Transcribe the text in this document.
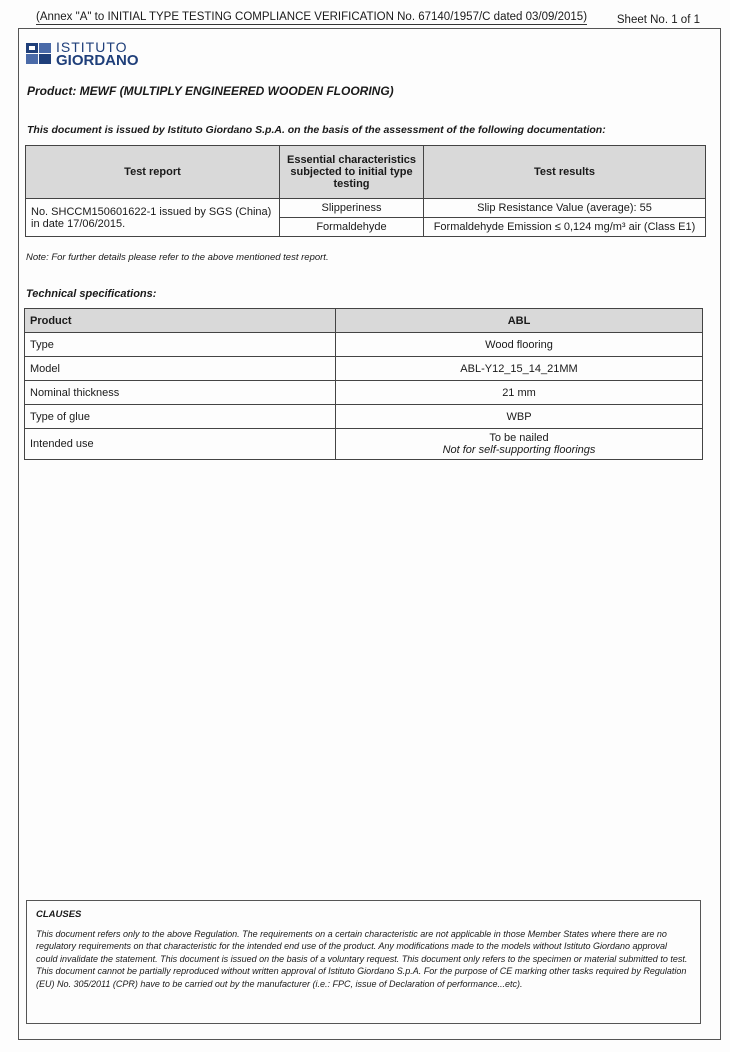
(Annex "A" to INITIAL TYPE TESTING COMPLIANCE VERIFICATION No. 67140/1957/C dated 03/09/2015)	Sheet No. 1 of 1
ISTITUTO
GIORDANO
Product: MEWF (MULTIPLY ENGINEERED WOODEN FLOORING)
This document is issued by Istituto Giordano S.p.A. on the basis of the assessment of the following documentation:
Test report	Essential characteristics subjected to initial type testing	Test results
No. SHCCM150601622-1 issued by SGS (China) in date 17/06/2015.	Slipperiness	Slip Resistance Value (average): 55
	Formaldehyde	Formaldehyde Emission ≤ 0,124 mg/m³ air (Class E1)
Note: For further details please refer to the above mentioned test report.
Technical specifications:
Product	ABL
Type	Wood flooring
Model	ABL-Y12_15_14_21MM
Nominal thickness	21 mm
Type of glue	WBP
Intended use	To be nailed
Not for self-supporting floorings
CLAUSES
This document refers only to the above Regulation. The requirements on a certain characteristic are not applicable in those Member States where there are no regulatory requirements on that characteristic for the intended end use of the product. Any modifications made to the models without Istituto Giordano approval could invalidate the statement. This document is issued on the basis of a voluntary request. This document only refers to the specimen or material submitted to test. This document cannot be partially reproduced without written approval of Istituto Giordano S.p.A. For the purpose of CE marking other tasks required by Regulation (EU) No. 305/2011 (CPR) have to be carried out by the manufacturer (i.e.: FPC, issue of Declaration of performance...etc).
